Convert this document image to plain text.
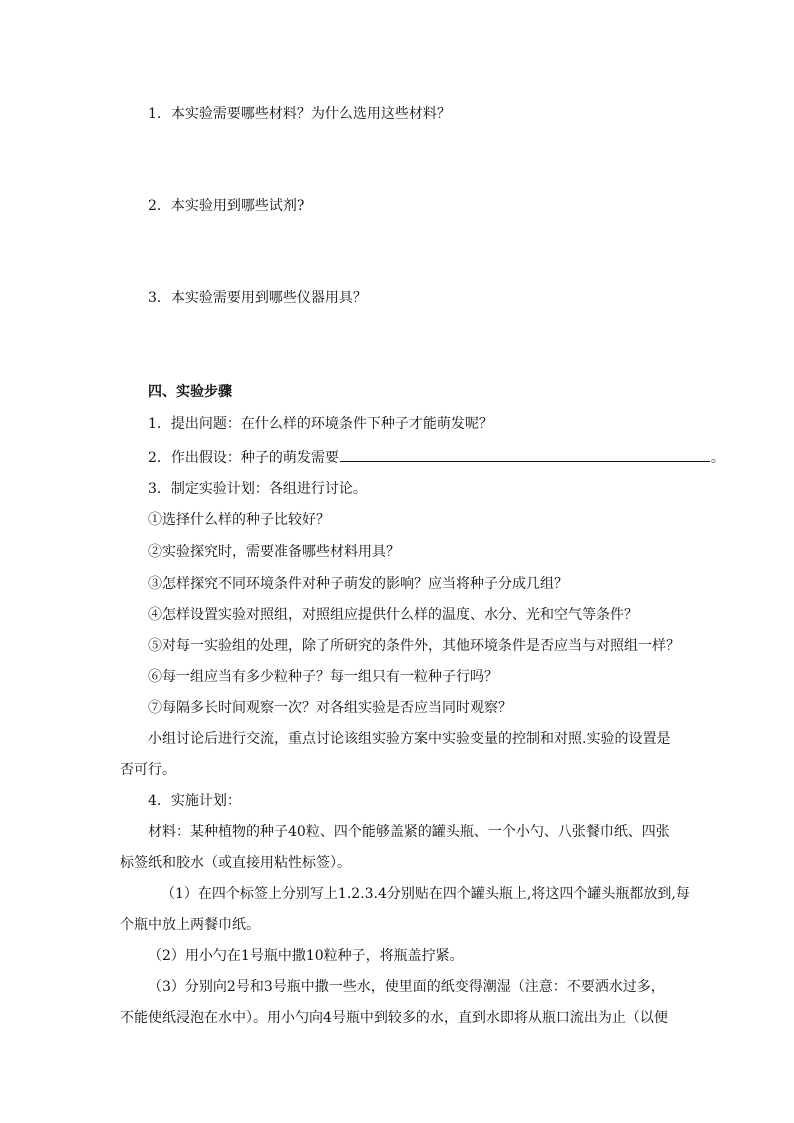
1．本实验需要哪些材料？为什么选用这些材料？
2．本实验用到哪些试剂?
3．本实验需要用到哪些仪器用具？
四、实验步骤
1．提出问题：在什么样的环境条件下种子才能萌发呢？
2．作出假设：种子的萌发需要	。
3．制定实验计划：各组进行讨论。
①选择什么样的种子比较好？
②实验探究时，需要准备哪些材料用具？
③怎样探究不同环境条件对种子萌发的影响？应当将种子分成几组？
④怎样设置实验对照组，对照组应提供什么样的温度、水分、光和空气等条件？
⑤对每一实验组的处理，除了所研究的条件外，其他环境条件是否应当与对照组一样？
⑥每一组应当有多少粒种子？每一组只有一粒种子行吗？
⑦每隔多长时间观察一次？对各组实验是否应当同时观察？
小组讨论后进行交流，重点讨论该组实验方案中实验变量的控制和对照.实验的设置是
否可行。
4．实施计划：
材料：某种植物的种子40粒、四个能够盖紧的罐头瓶、一个小勺、八张餐巾纸、四张
标签纸和胶水（或直接用粘性标签）。
（1）在四个标签上分别写上1.2.3.4分别贴在四个罐头瓶上,将这四个罐头瓶都放到,每
个瓶中放上两餐巾纸。
（2）用小勺在1号瓶中撒10粒种子，将瓶盖拧紧。
（3）分别向2号和3号瓶中撒一些水，使里面的纸变得潮湿（注意：不要洒水过多，
不能使纸浸泡在水中）。用小勺向4号瓶中到较多的水，直到水即将从瓶口流出为止（以便
